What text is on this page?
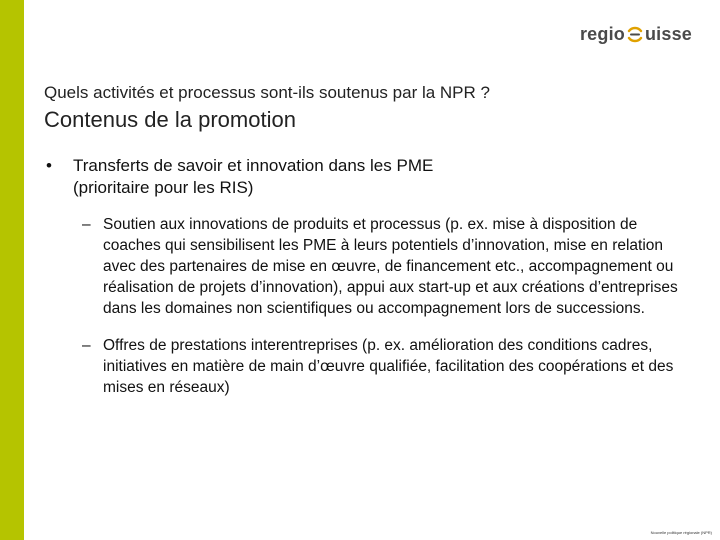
regio uisse
Quels activités et processus sont-ils soutenus par la NPR ?
Contenus de la promotion
• Transferts de savoir et innovation dans les PME
(prioritaire pour les RIS)
– Soutien aux innovations de produits et processus (p. ex. mise à disposition de coaches qui sensibilisent les PME à leurs potentiels d’innovation, mise en relation avec des partenaires de mise en œuvre, de financement etc., accompagnement ou réalisation de projets d’innovation), appui aux start-up et aux créations d’entreprises dans les domaines non scientifiques ou accompagnement lors de successions.
– Offres de prestations interentreprises (p. ex. amélioration des conditions cadres, initiatives en matière de main d’œuvre qualifiée, facilitation des coopérations et des mises en réseaux)
Nouvelle politique régionale (NPR)
